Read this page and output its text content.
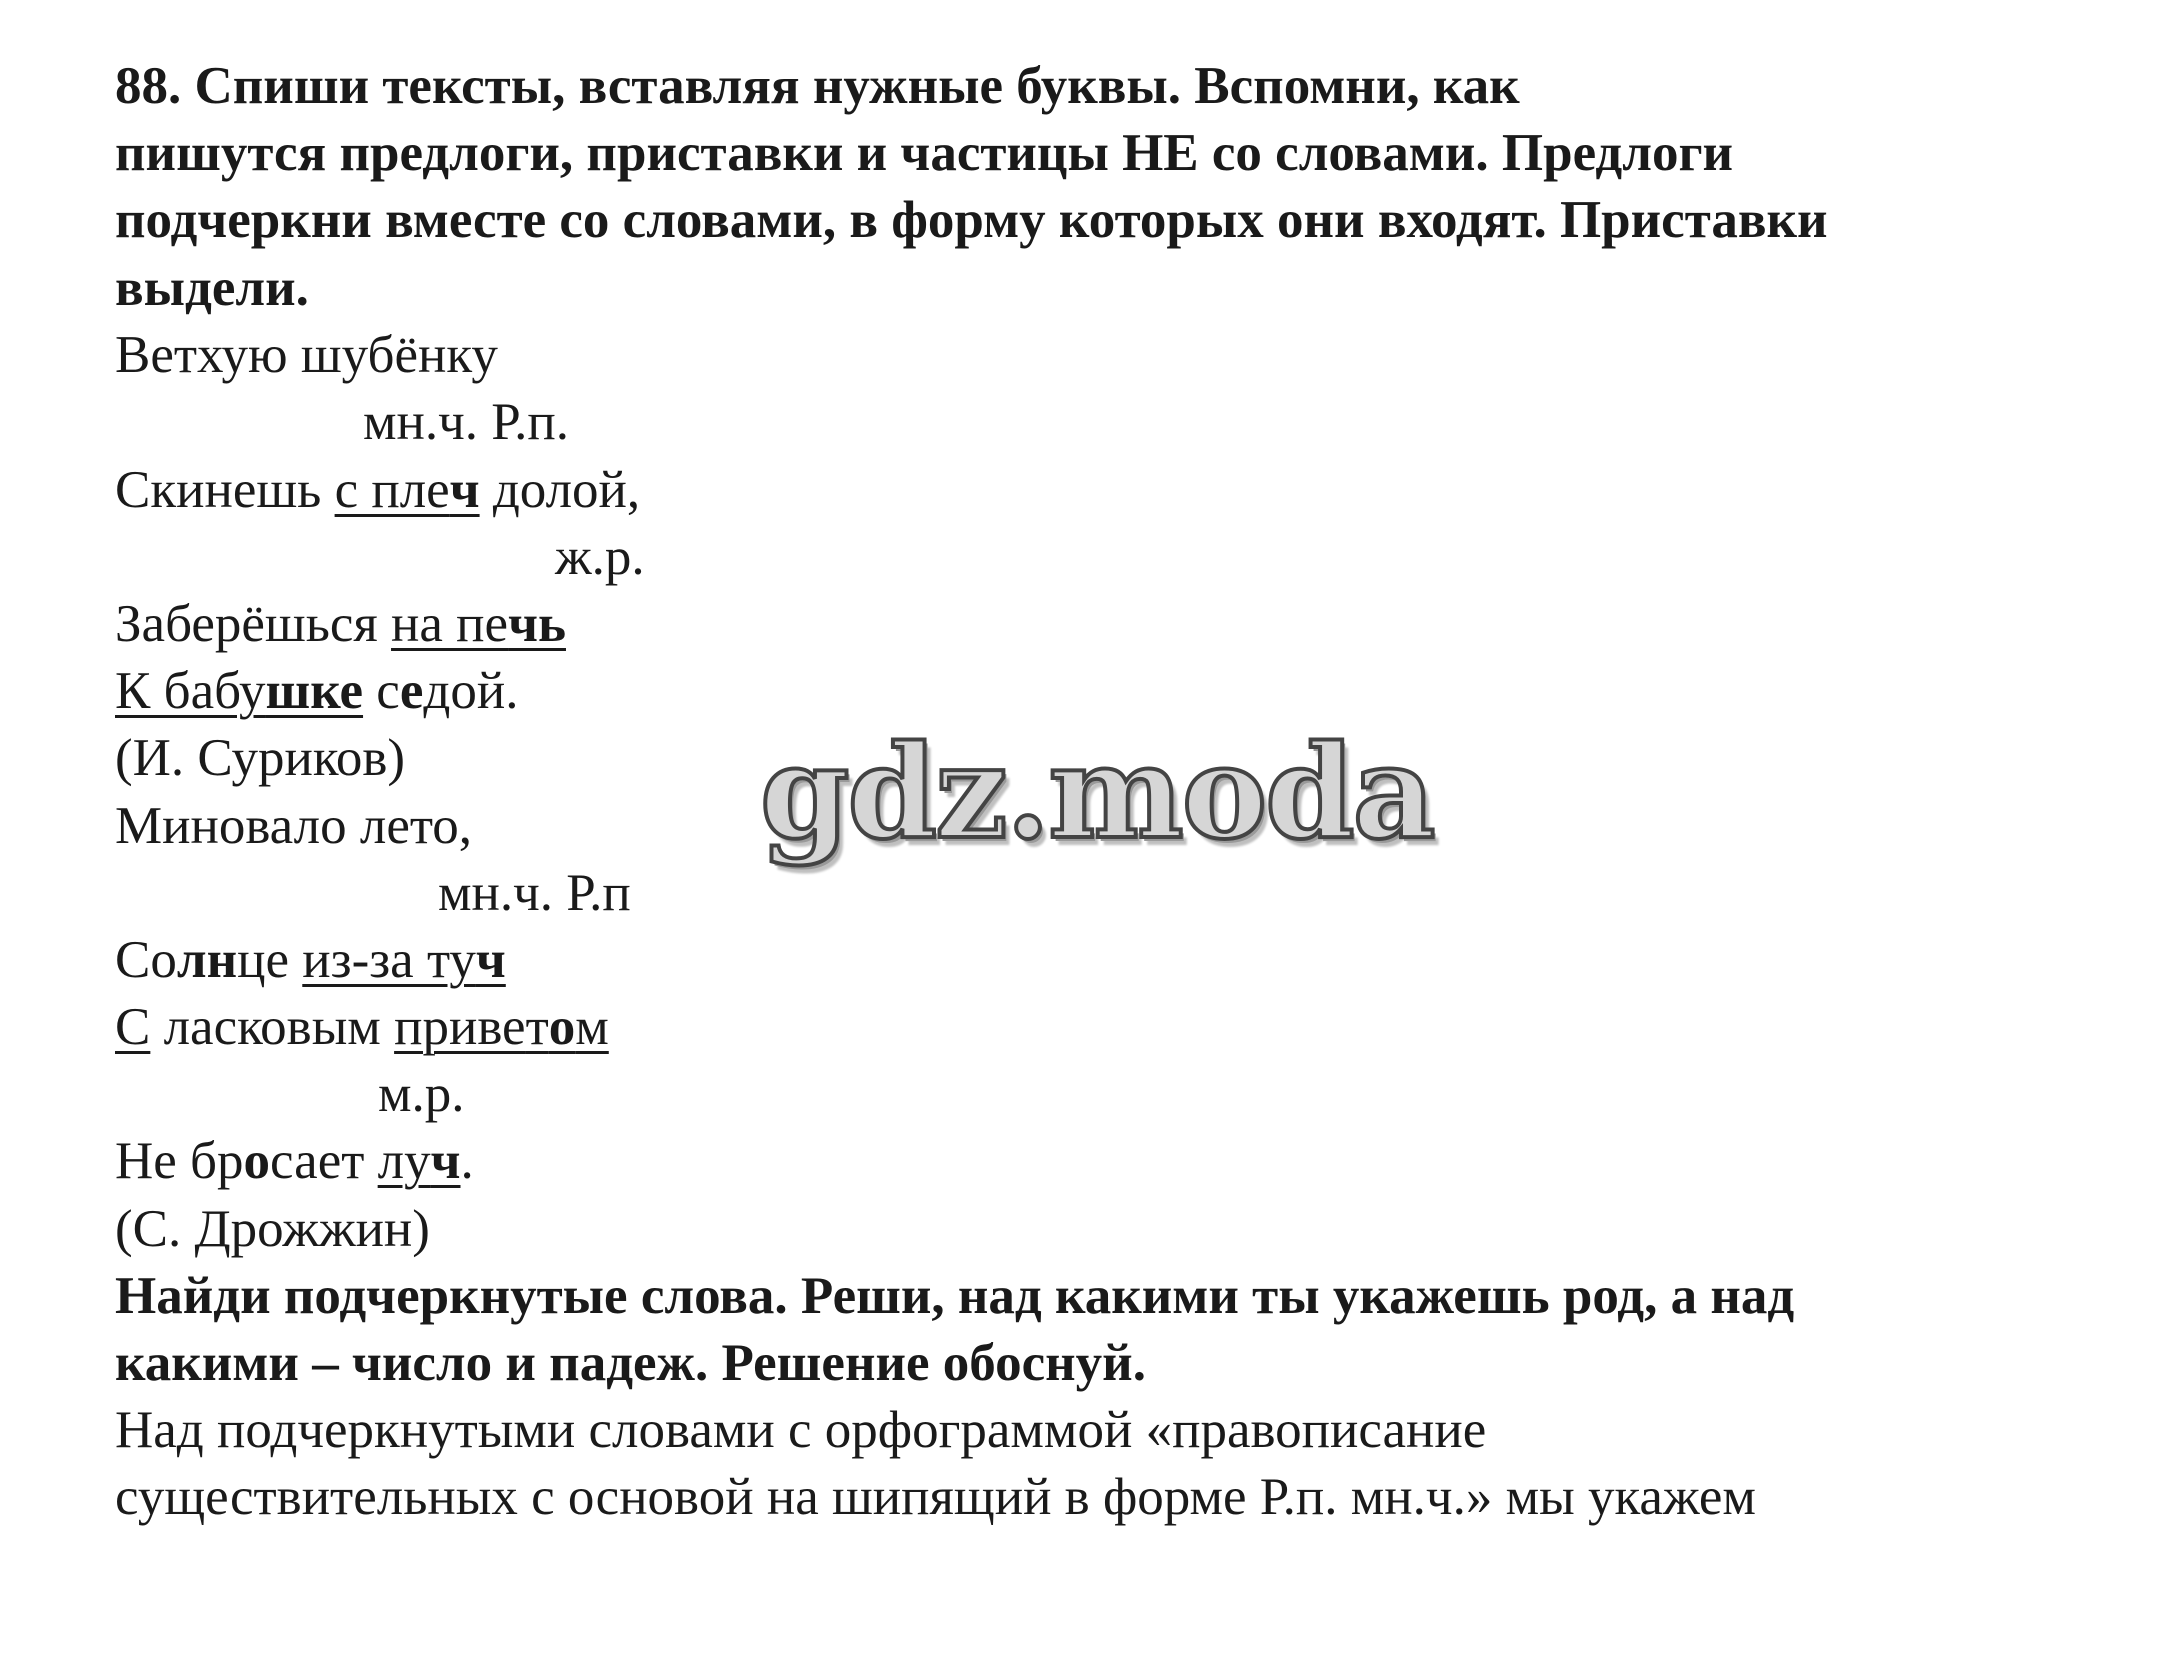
88. Спиши тексты, вставляя нужные буквы. Вспомни, как
пишутся предлоги, приставки и частицы НЕ со словами. Предлоги
подчеркни вместе со словами, в форму которых они входят. Приставки
выдели.
Ветхую шубёнку
мн.ч. Р.п.
Скинешь с плеч долой,
ж.р.
Заберёшься на печь
К бабушке седой.
(И. Суриков)
Миновало лето,
мн.ч. Р.п
Солнце из-за туч
С ласковым приветом
м.р.
Не бросает луч.
(С. Дрожжин)
Найди подчеркнутые слова. Реши, над какими ты укажешь род, а над
какими – число и падеж. Решение обоснуй.
Над подчеркнутыми словами с орфограммой «правописание
существительных с основой на шипящий в форме Р.п. мн.ч.» мы укажем
gdz.moda
